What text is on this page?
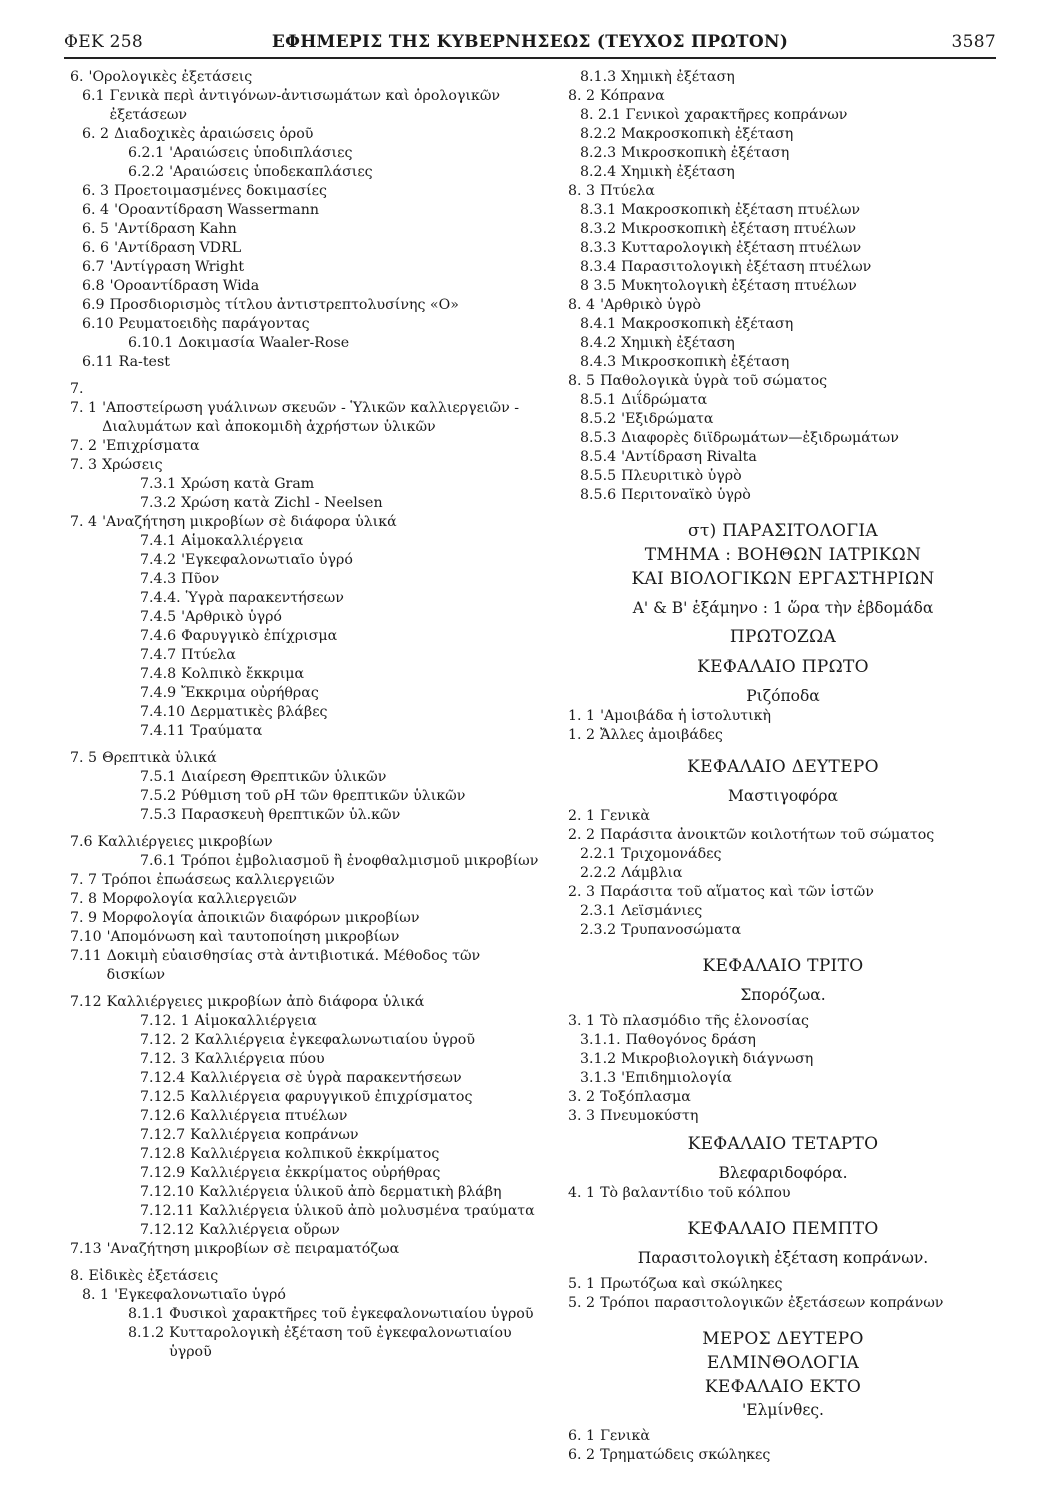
ΦΕΚ 258	ΕΦΗΜΕΡΙΣ ΤΗΣ ΚΥΒΕΡΝΗΣΕΩΣ (ΤΕΥΧΟΣ ΠΡΩΤΟΝ)	3587
6. 'Ορολογικὲς ἐξετάσεις
6.1 Γενικὰ περὶ ἀντιγόνων-ἀντισωμάτων καὶ ὁρολογικῶν ἐξετάσεων
6. 2 Διαδοχικὲς ἀραιώσεις ὁροῦ
6.2.1 'Αραιώσεις ὑποδιπλάσιες
6.2.2 'Αραιώσεις ὑποδεκαπλάσιες
6. 3 Προετοιμασμένες δοκιμασίες
6. 4 'Οροαντίδραση Wassermann
6. 5 'Αντίδραση Kahn
6. 6 'Αντίδραση VDRL
6.7 'Αντίγραση Wright
6.8 'Οροαντίδραση Wida
6.9 Προσδιορισμὸς τίτλου ἀντιστρεπτολυσίνης «Ο»
6.10 Ρευματοειδὴς παράγοντας
6.10.1 Δοκιμασία Waaler-Rose
6.11 Ra-test
7.
7. 1 'Αποστείρωση γυάλινων σκευῶν - Ὑλικῶν καλλιεργειῶν - Διαλυμάτων καὶ ἀποκομιδὴ ἀχρήστων ὑλικῶν
7. 2 'Επιχρίσματα
7. 3 Χρώσεις
7.3.1 Χρώση κατὰ Gram
7.3.2 Χρώση κατὰ Zichl - Neelsen
7. 4 'Αναζήτηση μικροβίων σὲ διάφορα ὑλικά
7.4.1 Αἱμοκαλλιέργεια
7.4.2 'Εγκεφαλονωτιαῖο ὑγρό
7.4.3 Πῦον
7.4.4. Ὑγρὰ παρακεντήσεων
7.4.5 'Αρθρικὸ ὑγρό
7.4.6 Φαρυγγικὸ ἐπίχρισμα
7.4.7 Πτύελα
7.4.8 Κολπικὸ ἔκκριμα
7.4.9 Ἔκκριμα οὐρήθρας
7.4.10 Δερματικὲς βλάβες
7.4.11 Τραύματα
7. 5 Θρεπτικὰ ὑλικά
7.5.1 Διαίρεση Θρεπτικῶν ὑλικῶν
7.5.2 Ρύθμιση τοῦ ρΗ τῶν θρεπτικῶν ὑλικῶν
7.5.3 Παρασκευὴ θρεπτικῶν ὑλ.κῶν
7.6 Καλλιέργειες μικροβίων
7.6.1 Τρόποι ἐμβολιασμοῦ ἢ ἐνοφθαλμισμοῦ μικροβίων
7. 7 Τρόποι ἐπωάσεως καλλιεργειῶν
7. 8 Μορφολογία καλλιεργειῶν
7. 9 Μορφολογία ἀποικιῶν διαφόρων μικροβίων
7.10 'Απομόνωση καὶ ταυτοποίηση μικροβίων
7.11 Δοκιμὴ εὐαισθησίας στὰ ἀντιβιοτικά. Μέθοδος τῶν δισκίων
7.12 Καλλιέργειες μικροβίων ἀπὸ διάφορα ὑλικά
7.12. 1 Αἱμοκαλλιέργεια
7.12. 2 Καλλιέργεια ἐγκεφαλωνωτιαίου ὑγροῦ
7.12. 3 Καλλιέργεια πύου
7.12.4 Καλλιέργεια σὲ ὑγρὰ παρακεντήσεων
7.12.5 Καλλιέργεια φαρυγγικοῦ ἐπιχρίσματος
7.12.6 Καλλιέργεια πτυέλων
7.12.7 Καλλιέργεια κοπράνων
7.12.8 Καλλιέργεια κολπικοῦ ἐκκρίματος
7.12.9 Καλλιέργεια ἐκκρίματος οὐρήθρας
7.12.10 Καλλιέργεια ὑλικοῦ ἀπὸ δερματικὴ βλάβη
7.12.11 Καλλιέργεια ὑλικοῦ ἀπὸ μολυσμένα τραύματα
7.12.12 Καλλιέργεια οὔρων
7.13 'Αναζήτηση μικροβίων σὲ πειραματόζωα
8. Εἰδικὲς ἐξετάσεις
8. 1 'Εγκεφαλονωτιαῖο ὑγρό
8.1.1 Φυσικοὶ χαρακτῆρες τοῦ ἐγκεφαλονωτιαίου ὑγροῦ
8.1.2 Κυτταρολογικὴ ἐξέταση τοῦ ἐγκεφαλονωτιαίου ὑγροῦ
8.1.3 Χημικὴ ἐξέταση
8. 2 Κόπρανα
8. 2.1 Γενικοὶ χαρακτῆρες κοπράνων
8.2.2 Μακροσκοπικὴ ἐξέταση
8.2.3 Μικροσκοπικὴ ἐξέταση
8.2.4 Χημικὴ ἐξέταση
8. 3 Πτύελα
8.3.1 Μακροσκοπικὴ ἐξέταση πτυέλων
8.3.2 Μικροσκοπικὴ ἐξέταση πτυέλων
8.3.3 Κυτταρολογικὴ ἐξέταση πτυέλων
8.3.4 Παρασιτολογικὴ ἐξέταση πτυέλων
8 3.5 Μυκητολογικὴ ἐξέταση πτυέλων
8. 4 'Αρθρικὸ ὑγρὸ
8.4.1 Μακροσκοπικὴ ἐξέταση
8.4.2 Χημικὴ ἐξέταση
8.4.3 Μικροσκοπικὴ ἐξέταση
8. 5 Παθολογικὰ ὑγρὰ τοῦ σώματος
8.5.1 Διΐδρώματα
8.5.2 'Εξιδρώματα
8.5.3 Διαφορὲς διϊδρωμάτων—ἐξιδρωμάτων
8.5.4 'Αντίδραση Rivalta
8.5.5 Πλευριτικὸ ὑγρὸ
8.5.6 Περιτοναϊκὸ ὑγρὸ
στ) ΠΑΡΑΣΙΤΟΛΟΓΙΑ
ΤΜΗΜΑ : ΒΟΗΘΩΝ ΙΑΤΡΙΚΩΝ
ΚΑΙ ΒΙΟΛΟΓΙΚΩΝ ΕΡΓΑΣΤΗΡΙΩΝ
Α' & Β' ἑξάμηνο : 1 ὥρα τὴν ἑβδομάδα
ΠΡΩΤΟΖΩΑ
ΚΕΦΑΛΑΙΟ ΠΡΩΤΟ
Ριζόποδα
1. 1 'Αμοιβάδα ἡ ἱστολυτικὴ
1. 2 Ἄλλες ἀμοιβάδες
ΚΕΦΑΛΑΙΟ ΔΕΥΤΕΡΟ
Μαστιγοφόρα
2. 1 Γενικὰ
2. 2 Παράσιτα ἀνοικτῶν κοιλοτήτων τοῦ σώματος
2.2.1 Τριχομονάδες
2.2.2 Λάμβλια
2. 3 Παράσιτα τοῦ αἵματος καὶ τῶν ἱστῶν
2.3.1 Λεϊσμάνιες
2.3.2 Τρυπανοσώματα
ΚΕΦΑΛΑΙΟ ΤΡΙΤΟ
Σπορόζωα.
3. 1 Τὸ πλασμόδιο τῆς ἑλονοσίας
3.1.1. Παθογόνος δράση
3.1.2 Μικροβιολογικὴ διάγνωση
3.1.3 'Επιδημιολογία
3. 2 Τοξόπλασμα
3. 3 Πνευμοκύστη
ΚΕΦΑΛΑΙΟ ΤΕΤΑΡΤΟ
Βλεφαριδοφόρα.
4. 1 Τὸ βαλαντίδιο τοῦ κόλπου
ΚΕΦΑΛΑΙΟ ΠΕΜΠΤΟ
Παρασιτολογικὴ ἐξέταση κοπράνων.
5. 1 Πρωτόζωα καὶ σκώληκες
5. 2 Τρόποι παρασιτολογικῶν ἐξετάσεων κοπράνων
ΜΕΡΟΣ ΔΕΥΤΕΡΟ
ΕΛΜΙΝΘΟΛΟΓΙΑ
ΚΕΦΑΛΑΙΟ ΕΚΤΟ
'Ελμίνθες.
6. 1 Γενικὰ
6. 2 Τρηματώδεις σκώληκες
